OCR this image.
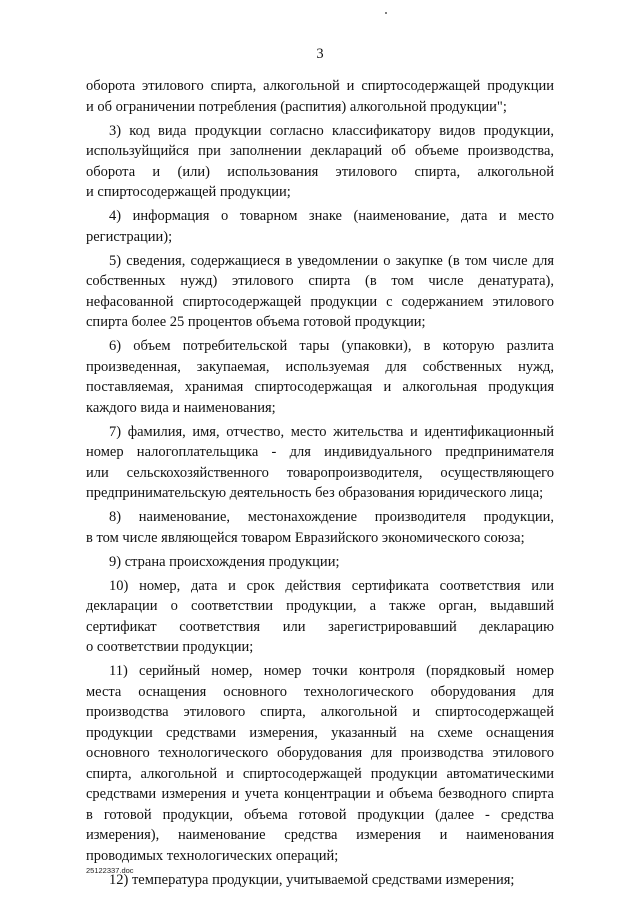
3
оборота этилового спирта, алкогольной и спиртосодержащей продукции
и об ограничении потребления (распития) алкогольной продукции";
3) код вида продукции согласно классификатору видов продукции,
используйщийся при заполнении деклараций об объеме производства,
оборота и (или) использования этилового спирта, алкогольной
и спиртосодержащей продукции;
4) информация о товарном знаке (наименование, дата и место
регистрации);
5) сведения, содержащиеся в уведомлении о закупке (в том числе для
собственных нужд) этилового спирта (в том числе денатурата),
нефасованной спиртосодержащей продукции с содержанием этилового
спирта более 25 процентов объема готовой продукции;
6) объем потребительской тары (упаковки), в которую разлита
произведенная, закупаемая, используемая для собственных нужд,
поставляемая, хранимая спиртосодержащая и алкогольная продукция
каждого вида и наименования;
7) фамилия, имя, отчество, место жительства и идентификационный
номер налогоплательщика - для индивидуального предпринимателя
или сельскохозяйственного товаропроизводителя, осуществляющего
предпринимательскую деятельность без образования юридического лица;
8) наименование, местонахождение производителя продукции,
в том числе являющейся товаром Евразийского экономического союза;
9) страна происхождения продукции;
10) номер, дата и срок действия сертификата соответствия или
декларации о соответствии продукции, а также орган, выдавший
сертификат соответствия или зарегистрировавший декларацию
о соответствии продукции;
11) серийный номер, номер точки контроля (порядковый номер
места оснащения основного технологического оборудования для
производства этилового спирта, алкогольной и спиртосодержащей
продукции средствами измерения, указанный на схеме оснащения
основного технологического оборудования для производства этилового
спирта, алкогольной и спиртосодержащей продукции автоматическими
средствами измерения и учета концентрации и объема безводного спирта
в готовой продукции, объема готовой продукции (далее - средства
измерения), наименование средства измерения и наименования
проводимых технологических операций;
12) температура продукции, учитываемой средствами измерения;
25122337.doc
